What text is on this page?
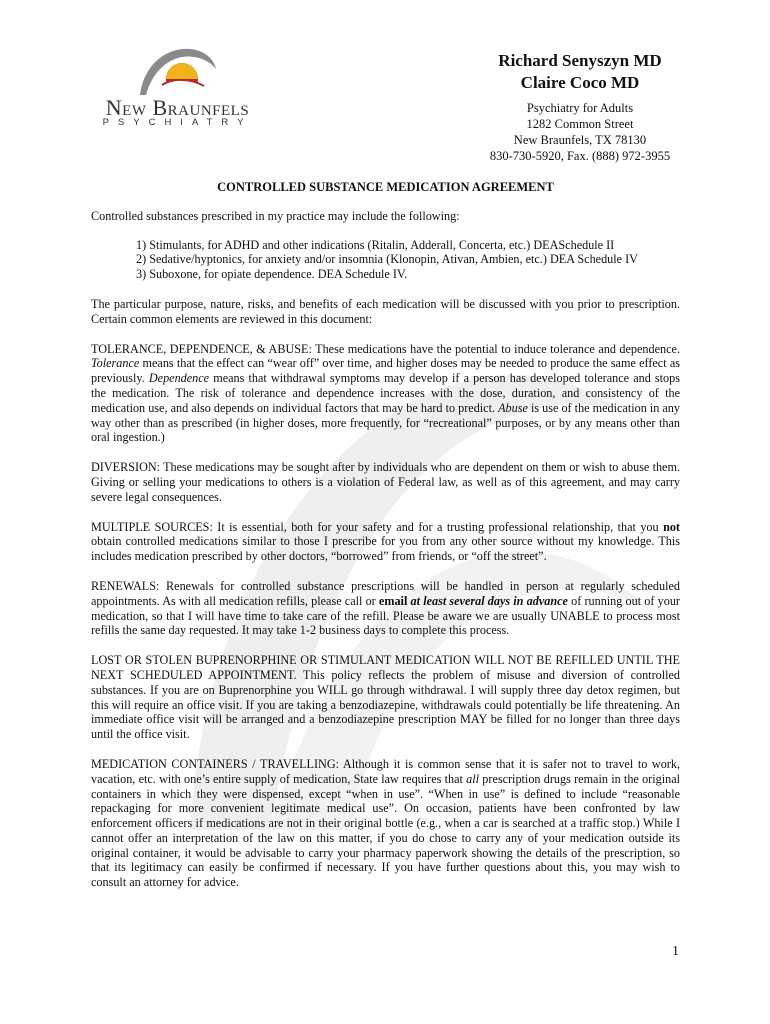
New Braunfels
PSYCHIATRY
Richard Senyszyn MD
Claire Coco MD
Psychiatry for Adults
1282 Common Street
New Braunfels, TX 78130
830-730-5920, Fax. (888) 972-3955
CONTROLLED SUBSTANCE MEDICATION AGREEMENT

Controlled substances prescribed in my practice may include the following:

1) Stimulants, for ADHD and other indications (Ritalin, Adderall, Concerta, etc.) DEASchedule II
2) Sedative/hyptonics, for anxiety and/or insomnia (Klonopin, Ativan, Ambien, etc.) DEA Schedule IV
3) Suboxone, for opiate dependence. DEA Schedule IV.

The particular purpose, nature, risks, and benefits of each medication will be discussed with you prior to prescription. Certain common elements are reviewed in this document:

TOLERANCE, DEPENDENCE, & ABUSE: These medications have the potential to induce tolerance and dependence. Tolerance means that the effect can “wear off” over time, and higher doses may be needed to produce the same effect as previously. Dependence means that withdrawal symptoms may develop if a person has developed tolerance and stops the medication. The risk of tolerance and dependence increases with the dose, duration, and consistency of the medication use, and also depends on individual factors that may be hard to predict. Abuse is use of the medication in any way other than as prescribed (in higher doses, more frequently, for “recreational” purposes, or by any means other than oral ingestion.)

DIVERSION: These medications may be sought after by individuals who are dependent on them or wish to abuse them. Giving or selling your medications to others is a violation of Federal law, as well as of this agreement, and may carry severe legal consequences.

MULTIPLE SOURCES: It is essential, both for your safety and for a trusting professional relationship, that you not obtain controlled medications similar to those I prescribe for you from any other source without my knowledge. This includes medication prescribed by other doctors, “borrowed” from friends, or “off the street”.

RENEWALS: Renewals for controlled substance prescriptions will be handled in person at regularly scheduled appointments. As with all medication refills, please call or email at least several days in advance of running out of your medication, so that I will have time to take care of the refill. Please be aware we are usually UNABLE to process most refills the same day requested. It may take 1-2 business days to complete this process.

LOST OR STOLEN BUPRENORPHINE OR STIMULANT MEDICATION WILL NOT BE REFILLED UNTIL THE NEXT SCHEDULED APPOINTMENT. This policy reflects the problem of misuse and diversion of controlled substances. If you are on Buprenorphine you WILL go through withdrawal. I will supply three day detox regimen, but this will require an office visit. If you are taking a benzodiazepine, withdrawals could potentially be life threatening. An immediate office visit will be arranged and a benzodiazepine prescription MAY be filled for no longer than three days until the office visit.

MEDICATION CONTAINERS / TRAVELLING: Although it is common sense that it is safer not to travel to work, vacation, etc. with one’s entire supply of medication, State law requires that all prescription drugs remain in the original containers in which they were dispensed, except “when in use”. “When in use” is defined to include “reasonable repackaging for more convenient legitimate medical use”. On occasion, patients have been confronted by law enforcement officers if medications are not in their original bottle (e.g., when a car is searched at a traffic stop.) While I cannot offer an interpretation of the law on this matter, if you do chose to carry any of your medication outside its original container, it would be advisable to carry your pharmacy paperwork showing the details of the prescription, so that its legitimacy can easily be confirmed if necessary. If you have further questions about this, you may wish to consult an attorney for advice.

1
